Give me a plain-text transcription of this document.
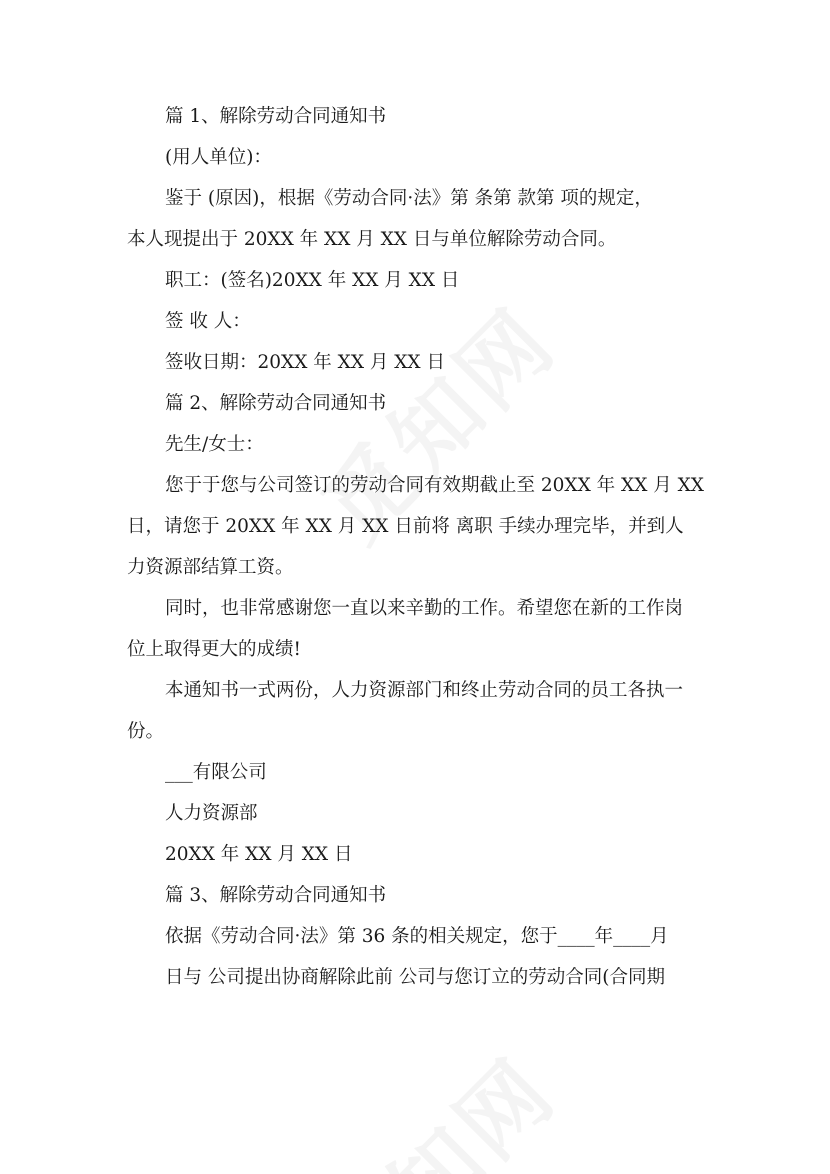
篇 1、解除劳动合同通知书

(用人单位)：

鉴于 (原因)，根据《劳动合同·法》第 条第 款第 项的规定，

本人现提出于 20XX 年 XX 月 XX 日与单位解除劳动合同。

职工：(签名)20XX 年 XX 月 XX 日

签 收 人：

签收日期：20XX 年 XX 月 XX 日

篇 2、解除劳动合同通知书

先生/女士：

您于于您与公司签订的劳动合同有效期截止至 20XX 年 XX 月 XX

日，请您于 20XX 年 XX 月 XX 日前将 离职 手续办理完毕，并到人

力资源部结算工资。

同时，也非常感谢您一直以来辛勤的工作。希望您在新的工作岗

位上取得更大的成绩!

本通知书一式两份，人力资源部门和终止劳动合同的员工各执一

份。

___有限公司

人力资源部

20XX 年 XX 月 XX 日

篇 3、解除劳动合同通知书

依据《劳动合同·法》第 36 条的相关规定，您于____年____月

日与 公司提出协商解除此前 公司与您订立的劳动合同(合同期
